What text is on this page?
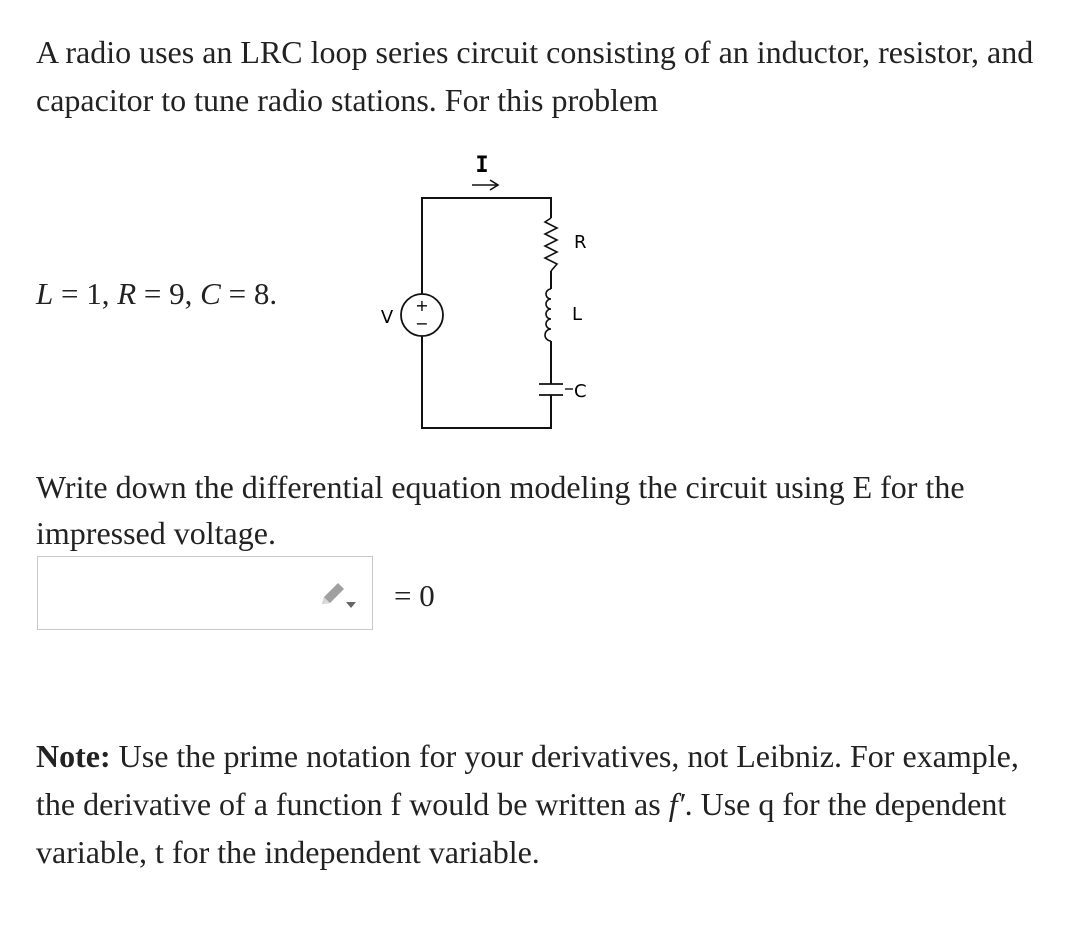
A radio uses an LRC loop series circuit consisting of an inductor, resistor, and capacitor to tune radio stations. For this problem

L = 1, R = 9, C = 8.
I
+
−
V
R
L
C

Write down the differential equation modeling the circuit using E for the impressed voltage.

= 0

Note: Use the prime notation for your derivatives, not Leibniz. For example, the derivative of a function f would be written as f′. Use q for the dependent variable, t for the independent variable.
